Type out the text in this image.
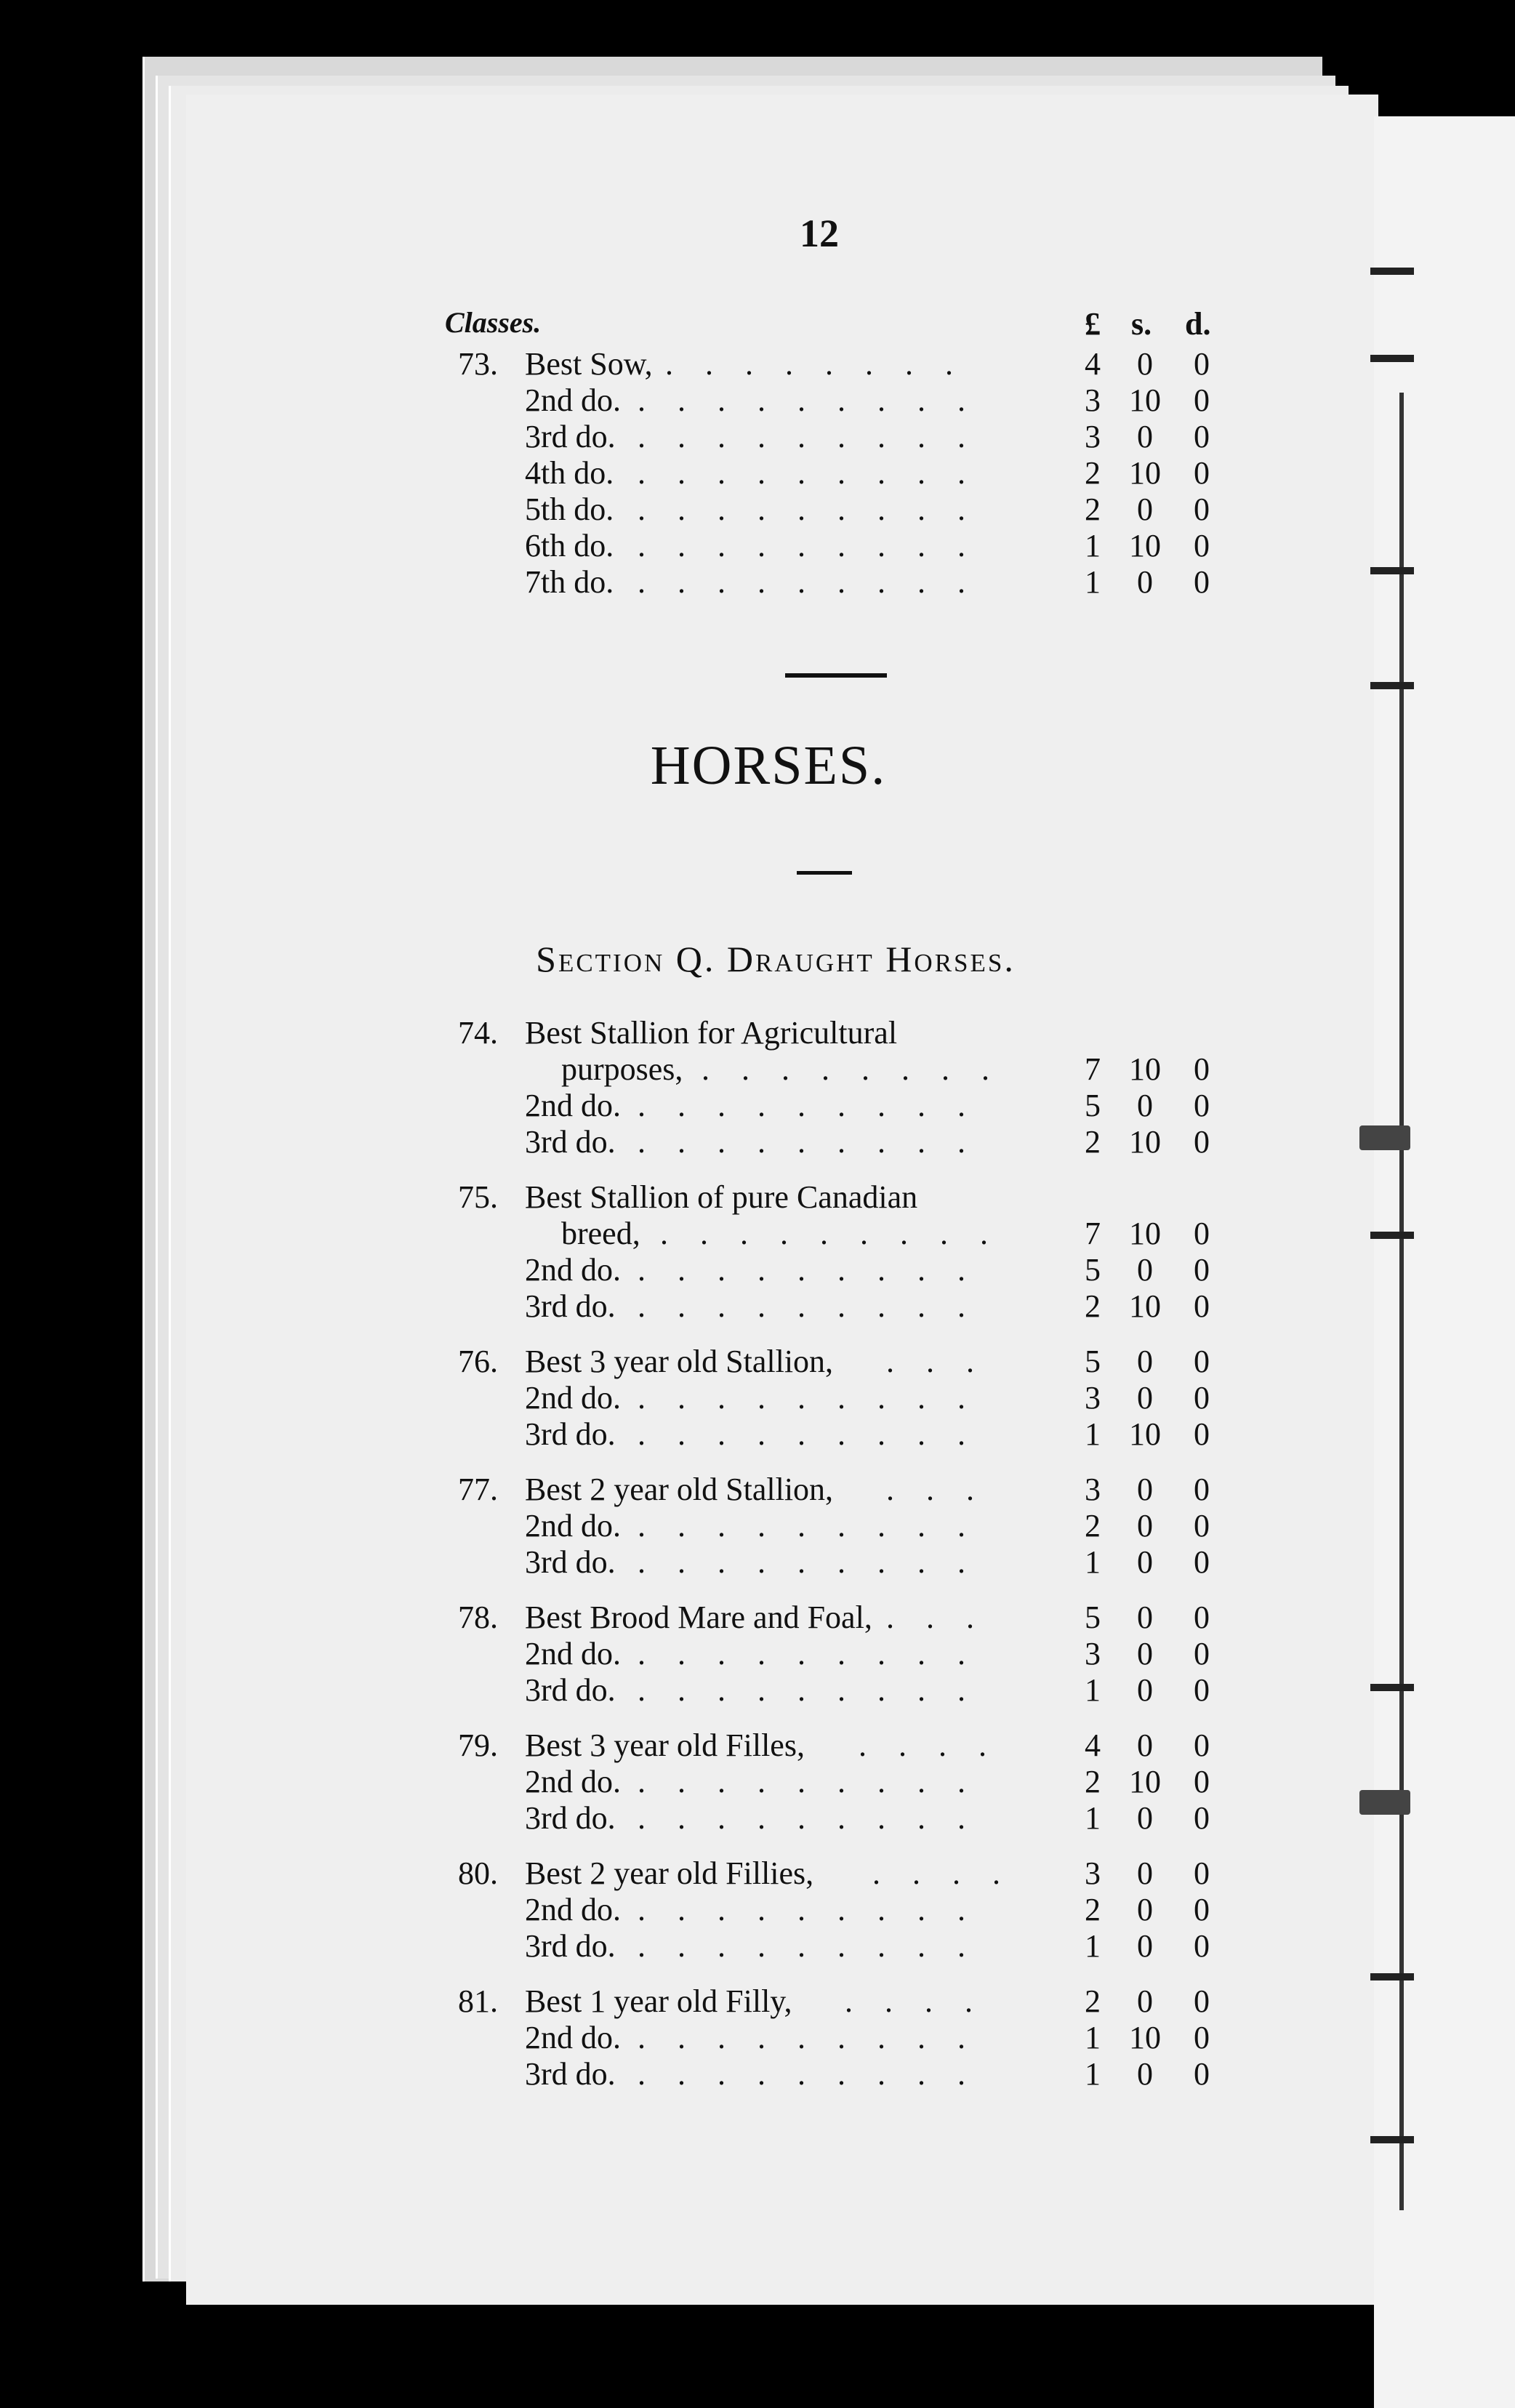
12
Classes.	£ s. d.
73. Best Sow, .    .    .    .    .    .    .    .	4	0	0
2nd do. .    .    .    .    .    .    .    .    .	3 10 0
3rd do. .    .    .    .    .    .    .    .    .	3	0	0
4th do. .    .    .    .    .    .    .    .    .	2 10 0
5th do. .    .    .    .    .    .    .    .    .	2	0	0
6th do. .    .    .    .    .    .    .    .    .	1 10 0
7th do. .    .    .    .    .    .    .    .    .	1	0	0
HORSES.
Section Q. Draught Horses.
74. Best Stallion for Agricultural
purposes, .    .    .    .    .    .    .    .	7 10 0
2nd do. .    .    .    .    .    .    .    .    .	5	0	0
3rd do. .    .    .    .    .    .    .    .    .	2 10 0
75. Best Stallion of pure Canadian
breed, .    .    .    .    .    .    .    .    .	7 10 0
2nd do. .    .    .    .    .    .    .    .    .	5	0	0
3rd do. .    .    .    .    .    .    .    .    .	2 10 0
76. Best 3 year old Stallion, .    .    .	5	0	0
2nd do. .    .    .    .    .    .    .    .    .	3	0	0
3rd do. .    .    .    .    .    .    .    .    .	1 10 0
77. Best 2 year old Stallion, .    .    .	3	0	0
2nd do. .    .    .    .    .    .    .    .    .	2	0	0
3rd do. .    .    .    .    .    .    .    .    .	1	0	0
78. Best Brood Mare and Foal, .    .    .	5	0	0
2nd do. .    .    .    .    .    .    .    .    .	3	0	0
3rd do. .    .    .    .    .    .    .    .    .	1	0	0
79. Best 3 year old Filles, .    .    .    .	4	0	0
2nd do. .    .    .    .    .    .    .    .    .	2 10 0
3rd do. .    .    .    .    .    .    .    .    .	1	0	0
80. Best 2 year old Fillies, .    .    .    .	3	0	0
2nd do. .    .    .    .    .    .    .    .    .	2	0	0
3rd do. .    .    .    .    .    .    .    .    .	1	0	0
81. Best 1 year old Filly, .    .    .    .	2	0	0
2nd do. .    .    .    .    .    .    .    .    .	1 10 0
3rd do. .    .    .    .    .    .    .    .    .	1	0	0
